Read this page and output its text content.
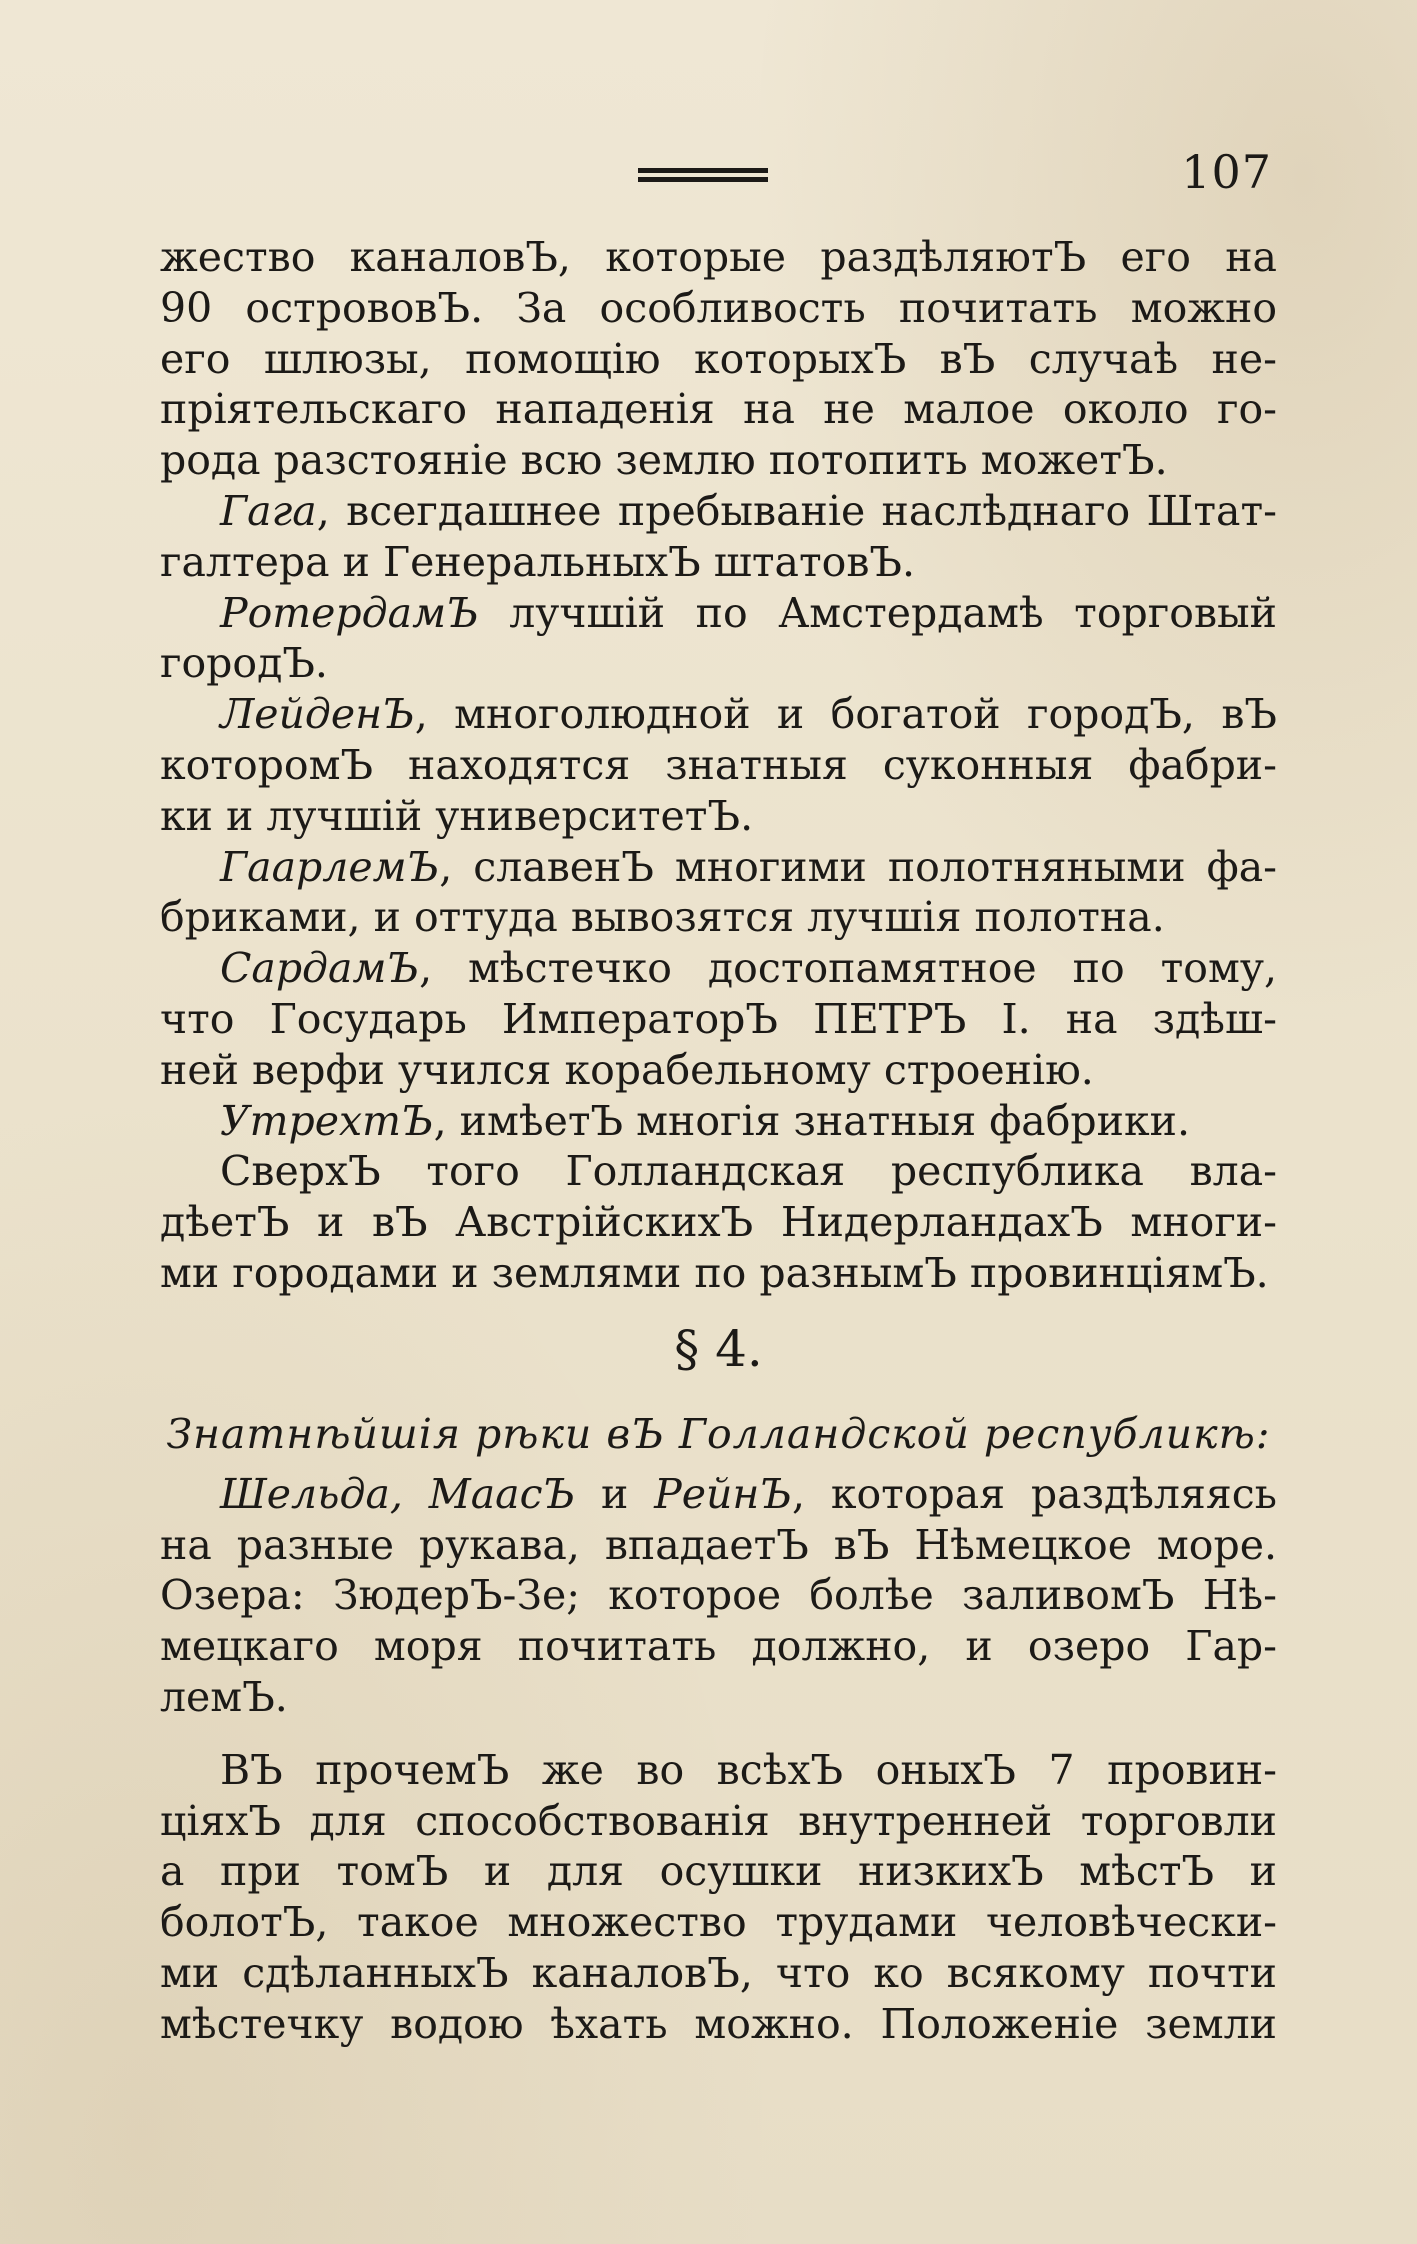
107
жество каналовЪ, которые раздѣляютЪ его на
90 острововЪ. За особливость почитать можно
его шлюзы, помощію которыхЪ вЪ случаѣ не-
пріятельскаго нападенія на не малое около го-
рода разстояніе всю землю потопить можетЪ.
Гага, всегдашнее пребываніе наслѣднаго Штат-
галтера и ГенеральныхЪ штатовЪ.
РотердамЪ лучшій по Амстердамѣ торговый
городЪ.
ЛейденЪ, многолюдной и богатой городЪ, вЪ
которомЪ находятся знатныя суконныя фабри-
ки и лучшій университетЪ.
ГаарлемЪ, славенЪ многими полотняными фа-
бриками, и оттуда вывозятся лучшія полотна.
СардамЪ, мѣстечко достопамятное по тому,
что Государь ИмператорЪ ПЕТРЪ I. на здѣш-
ней верфи учился корабельному строенію.
УтрехтЪ, имѣетЪ многія знатныя фабрики.
СверхЪ того Голландская республика вла-
дѣетЪ и вЪ АвстрійскихЪ НидерландахЪ многи-
ми городами и землями по разнымЪ провинціямЪ.
§ 4.
Знатнѣйшія рѣки вЪ Голландской республикѣ:
Шельда, МаасЪ и РейнЪ, которая раздѣляясь
на разные рукава, впадаетЪ вЪ Нѣмецкое море.
Озера: ЗюдерЪ-Зе; которое болѣе заливомЪ Нѣ-
мецкаго моря почитать должно, и озеро Гар-
лемЪ.
ВЪ прочемЪ же во всѣхЪ оныхЪ 7 провин-
ціяхЪ для способствованія внутренней торговли
а при томЪ и для осушки низкихЪ мѣстЪ и
болотЪ, такое множество трудами человѣчески-
ми сдѣланныхЪ каналовЪ, что ко всякому почти
мѣстечку водою ѣхать можно. Положеніе земли
